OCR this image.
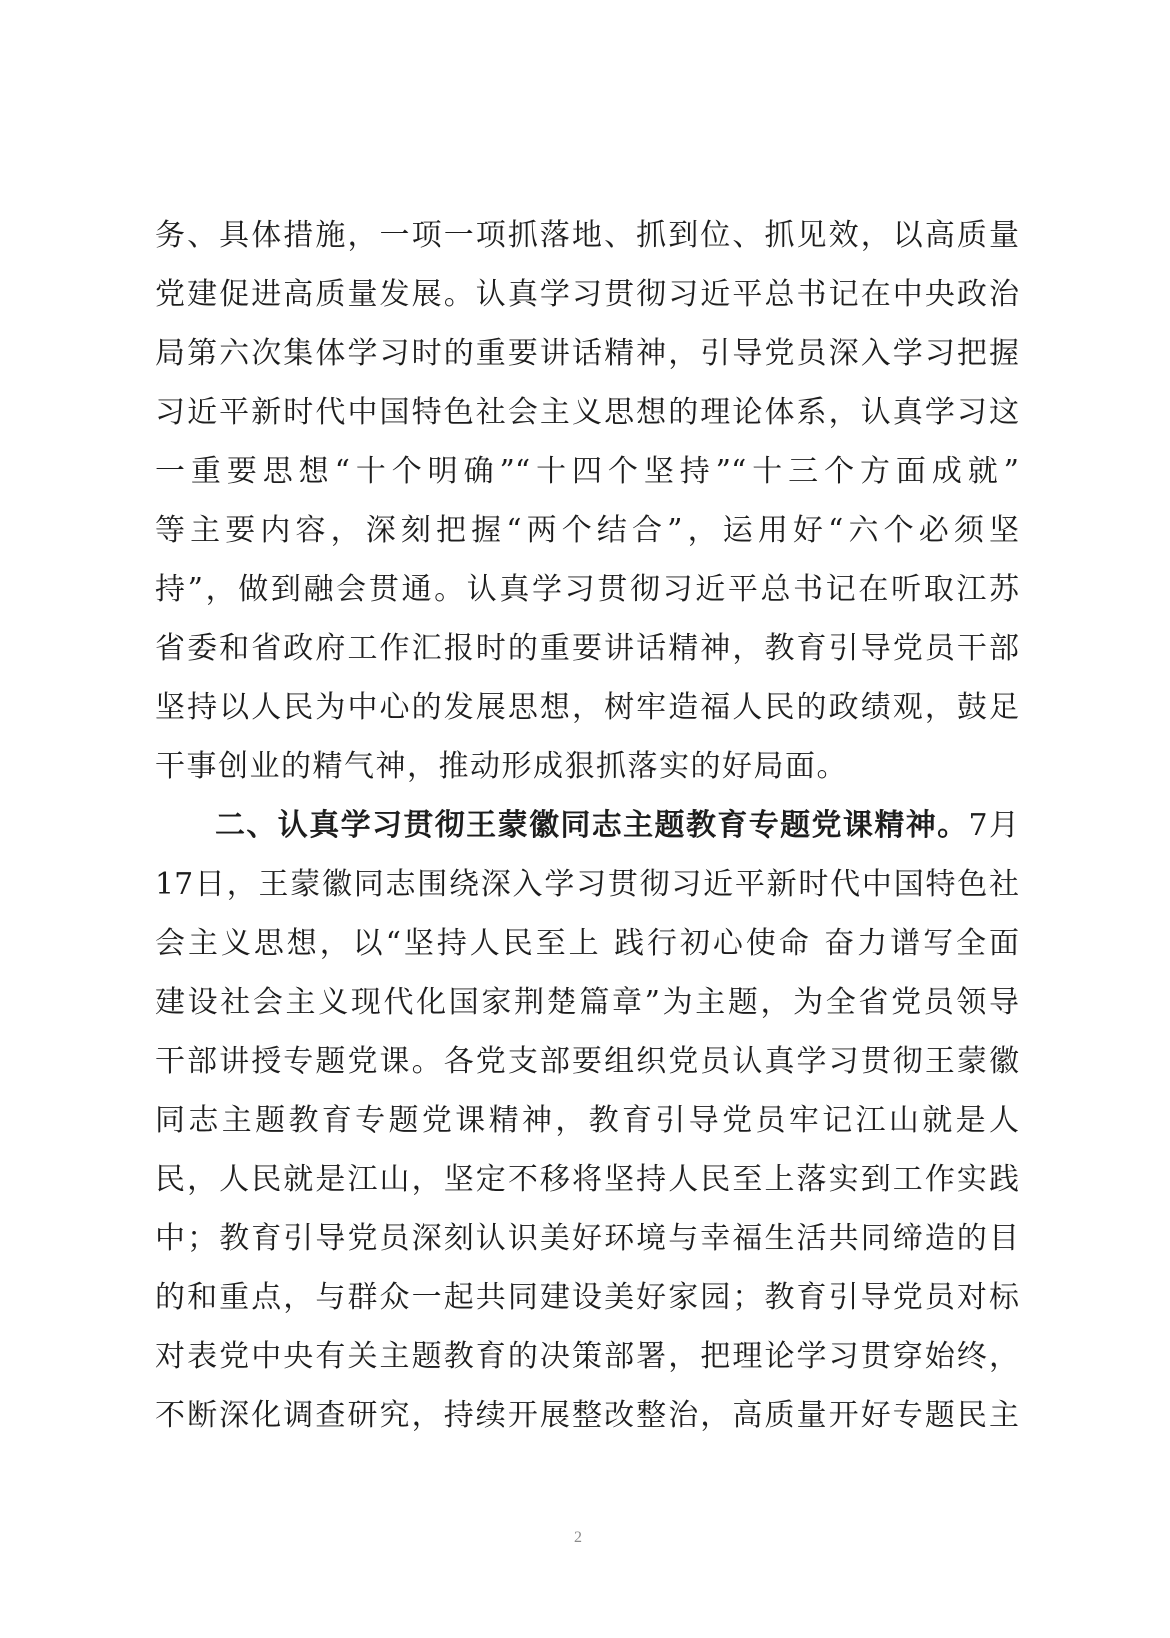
务、具体措施，一项一项抓落地、抓到位、抓见效，以高质量
党建促进高质量发展。认真学习贯彻习近平总书记在中央政治
局第六次集体学习时的重要讲话精神，引导党员深入学习把握
习近平新时代中国特色社会主义思想的理论体系，认真学习这
一重要思想“十个明确”“十四个坚持”“十三个方面成就”
等主要内容，深刻把握“两个结合”，运用好“六个必须坚
持”，做到融会贯通。认真学习贯彻习近平总书记在听取江苏
省委和省政府工作汇报时的重要讲话精神，教育引导党员干部
坚持以人民为中心的发展思想，树牢造福人民的政绩观，鼓足
干事创业的精气神，推动形成狠抓落实的好局面。
二、认真学习贯彻王蒙徽同志主题教育专题党课精神。7月
17日，王蒙徽同志围绕深入学习贯彻习近平新时代中国特色社
会主义思想，以“坚持人民至上 践行初心使命 奋力谱写全面
建设社会主义现代化国家荆楚篇章”为主题，为全省党员领导
干部讲授专题党课。各党支部要组织党员认真学习贯彻王蒙徽
同志主题教育专题党课精神，教育引导党员牢记江山就是人
民，人民就是江山，坚定不移将坚持人民至上落实到工作实践
中；教育引导党员深刻认识美好环境与幸福生活共同缔造的目
的和重点，与群众一起共同建设美好家园；教育引导党员对标
对表党中央有关主题教育的决策部署，把理论学习贯穿始终，
不断深化调查研究，持续开展整改整治，高质量开好专题民主
2
